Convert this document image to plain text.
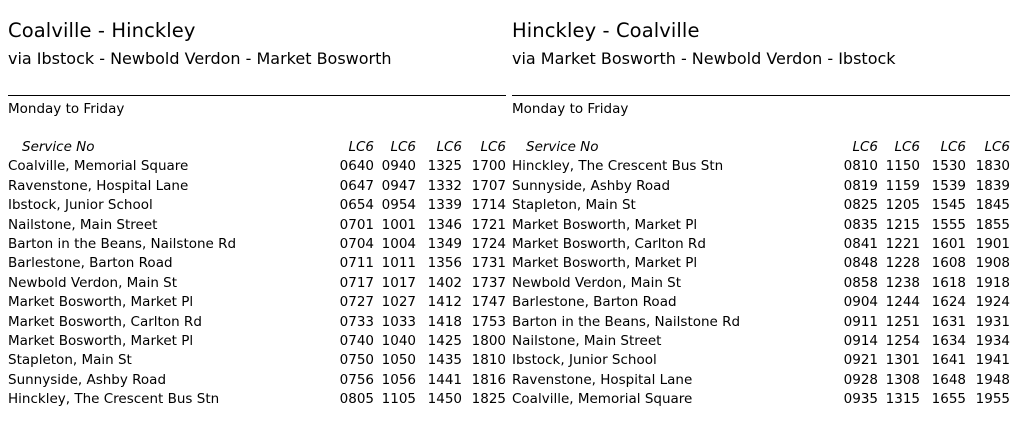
Coalville - Hinckley
via Ibstock - Newbold Verdon - Market Bosworth
Monday to Friday
Service No	LC6	LC6	LC6	LC6
Coalville, Memorial Square	0640 0940 1325 1700
Ravenstone, Hospital Lane	0647 0947 1332 1707
Ibstock, Junior School	0654 0954 1339 1714
Nailstone, Main Street	0701 1001 1346 1721
Barton in the Beans, Nailstone Rd	0704 1004 1349 1724
Barlestone, Barton Road	0711 1011 1356 1731
Newbold Verdon, Main St	0717 1017 1402 1737
Market Bosworth, Market Pl	0727 1027 1412 1747
Market Bosworth, Carlton Rd	0733 1033 1418 1753
Market Bosworth, Market Pl	0740 1040 1425 1800
Stapleton, Main St	0750 1050 1435 1810
Sunnyside, Ashby Road	0756 1056 1441 1816
Hinckley, The Crescent Bus Stn	0805 1105 1450 1825
Hinckley - Coalville
via Market Bosworth - Newbold Verdon - Ibstock
Monday to Friday
Service No	LC6	LC6	LC6	LC6
Hinckley, The Crescent Bus Stn	0810 1150 1530 1830
Sunnyside, Ashby Road	0819 1159 1539 1839
Stapleton, Main St	0825 1205 1545 1845
Market Bosworth, Market Pl	0835 1215 1555 1855
Market Bosworth, Carlton Rd	0841 1221 1601 1901
Market Bosworth, Market Pl	0848 1228 1608 1908
Newbold Verdon, Main St	0858 1238 1618 1918
Barlestone, Barton Road	0904 1244 1624 1924
Barton in the Beans, Nailstone Rd	0911 1251 1631 1931
Nailstone, Main Street	0914 1254 1634 1934
Ibstock, Junior School	0921 1301 1641 1941
Ravenstone, Hospital Lane	0928 1308 1648 1948
Coalville, Memorial Square	0935 1315 1655 1955
